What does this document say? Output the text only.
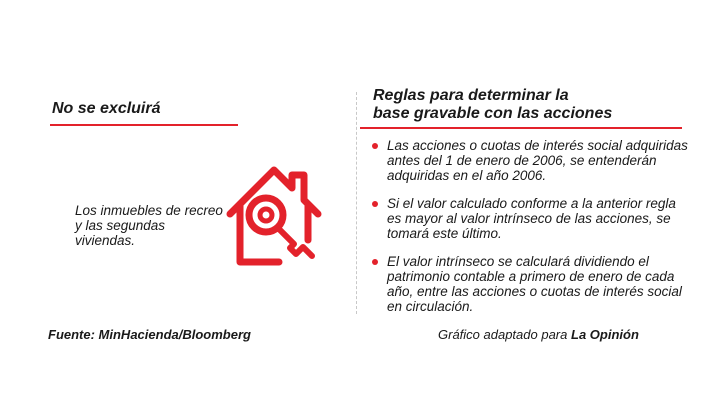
No se excluirá
Los inmuebles de recreo y las segundas viviendas.
Reglas para determinar la
base gravable con las acciones
Las acciones o cuotas de interés social adquiridas antes del 1 de enero de 2006, se entenderán adquiridas en el año 2006.
Si el valor calculado conforme a la anterior regla es mayor al valor intrínseco de las acciones, se tomará este último.
El valor intrínseco se calculará dividiendo el patrimonio contable a primero de enero de cada año, entre las acciones o cuotas de interés social en circulación.
Fuente: MinHacienda/Bloomberg	Gráfico adaptado para La Opinión
